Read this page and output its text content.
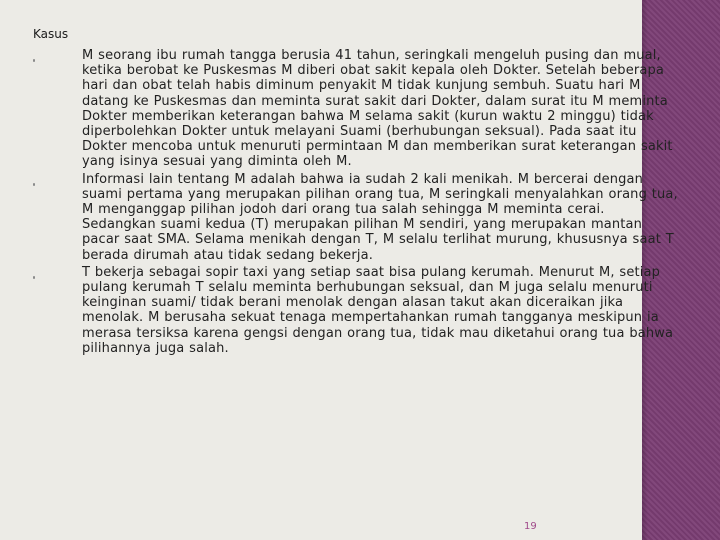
Kasus

M seorang ibu rumah tangga berusia 41 tahun, seringkali mengeluh pusing dan mual, ketika berobat ke Puskesmas M diberi obat sakit kepala oleh Dokter. Setelah beberapa hari dan obat telah habis diminum penyakit M tidak kunjung sembuh. Suatu hari M datang ke Puskesmas dan meminta surat sakit dari Dokter, dalam surat itu M meminta Dokter memberikan keterangan bahwa M selama sakit (kurun waktu 2 minggu) tidak diperbolehkan Dokter untuk melayani Suami (berhubungan seksual). Pada saat itu Dokter mencoba untuk menuruti permintaan M dan memberikan surat keterangan sakit yang isinya sesuai yang diminta oleh M.

Informasi lain tentang M adalah bahwa ia sudah 2 kali menikah. M bercerai dengan suami pertama yang merupakan pilihan orang tua, M seringkali menyalahkan orang tua, M menganggap pilihan jodoh dari orang tua salah sehingga M meminta cerai. Sedangkan suami kedua (T) merupakan pilihan M sendiri, yang merupakan mantan pacar saat SMA. Selama menikah dengan T, M selalu terlihat murung, khususnya saat T berada dirumah atau tidak sedang bekerja.

T bekerja sebagai sopir taxi yang setiap saat bisa pulang kerumah. Menurut M, setiap pulang kerumah T selalu meminta berhubungan seksual, dan M juga selalu menuruti keinginan suami/ tidak berani menolak dengan alasan takut akan diceraikan jika menolak. M berusaha sekuat tenaga mempertahankan rumah tangganya meskipun ia merasa tersiksa karena gengsi dengan orang tua, tidak mau diketahui orang tua bahwa pilihannya juga salah.

19
